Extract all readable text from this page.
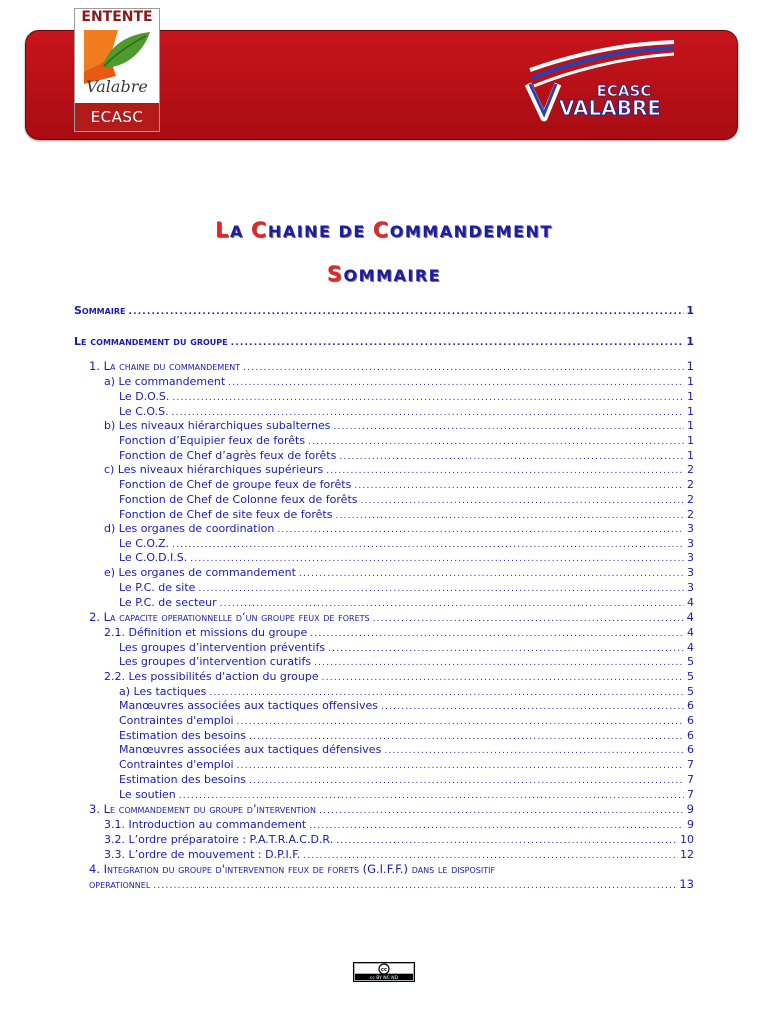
ENTENTE
Valabre
ECASC
ECASC
VALABRE
LA CHAINE DE COMMANDEMENT
SOMMAIRE
Sommaire .....	1
Le commandement du groupe .....	1
1. La chaine du commandement .....	1
a) Le commandement .....	1
Le D.O.S. .....	1
Le C.O.S. .....	1
b) Les niveaux hiérarchiques subalternes .....	1
Fonction d’Equipier feux de forêts .....	1
Fonction de Chef d’agrès feux de forêts .....	1
c) Les niveaux hiérarchiques supérieurs .....	2
Fonction de Chef de groupe feux de forêts .....	2
Fonction de Chef de Colonne feux de forêts .....	2
Fonction de Chef de site feux de forêts .....	2
d) Les organes de coordination .....	3
Le C.O.Z. .....	3
Le C.O.D.I.S. .....	3
e) Les organes de commandement .....	3
Le P.C. de site .....	3
Le P.C. de secteur .....	4
2. La capacite operationnelle d’un groupe feux de forets .....	4
2.1. Définition et missions du groupe .....	4
Les groupes d’intervention préventifs .....	4
Les groupes d’intervention curatifs .....	5
2.2. Les possibilités d'action du groupe .....	5
a) Les tactiques .....	5
Manœuvres associées aux tactiques offensives .....	6
Contraintes d'emploi .....	6
Estimation des besoins .....	6
Manœuvres associées aux tactiques défensives .....	6
Contraintes d'emploi .....	7
Estimation des besoins .....	7
Le soutien .....	7
3. Le commandement du groupe d’intervention .....	9
3.1. Introduction au commandement .....	9
3.2. L’ordre préparatoire : P.A.T.R.A.C.D.R. .....	10
3.3. L’ordre de mouvement : D.P.I.F. .....	12
4. Integration du groupe d'intervention feux de forets (G.I.F.F.) dans le dispositif
operationnel .....	13
cc
cc BY NC ND
